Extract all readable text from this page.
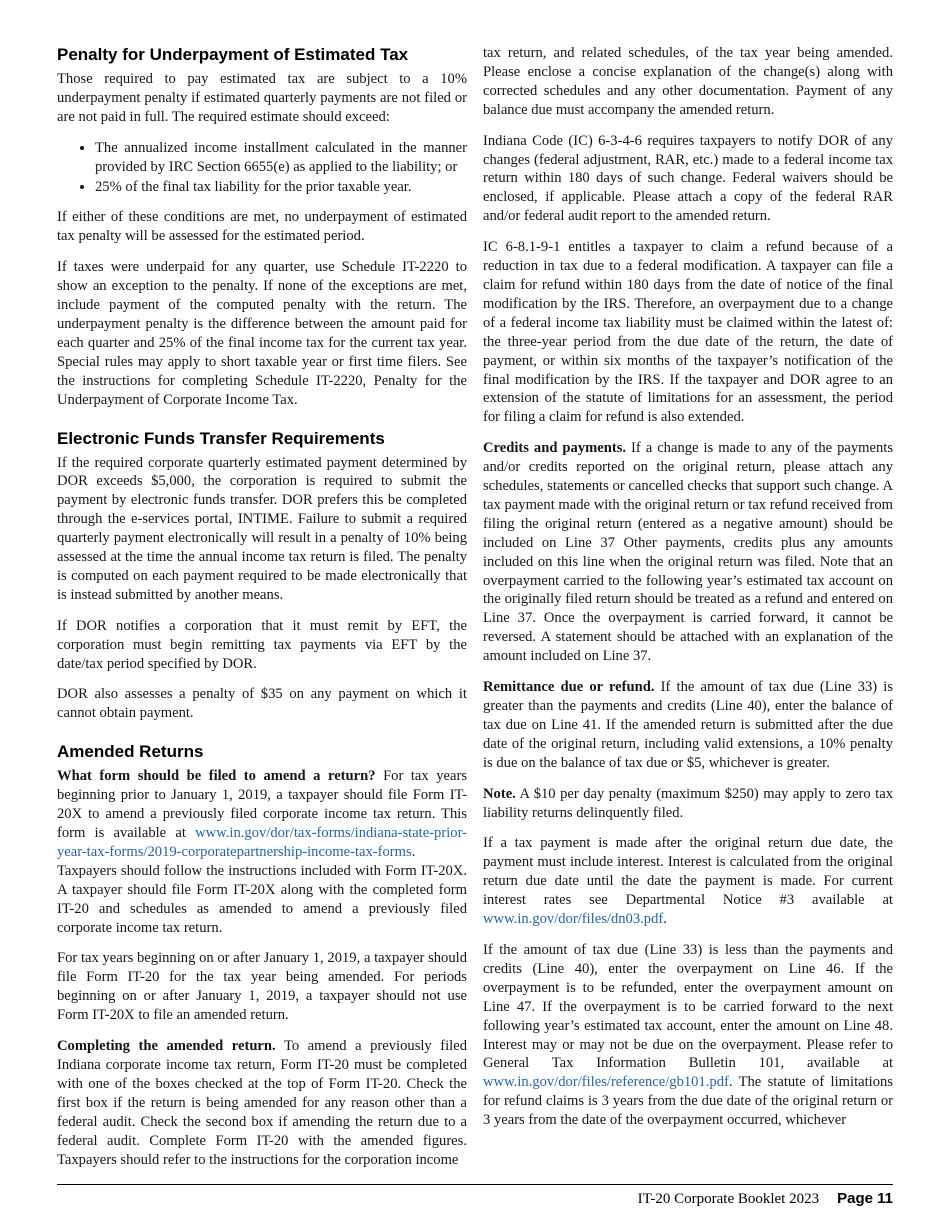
Penalty for Underpayment of Estimated Tax

Those required to pay estimated tax are subject to a 10% underpayment penalty if estimated quarterly payments are not filed or are not paid in full. The required estimate should exceed:

• The annualized income installment calculated in the manner provided by IRC Section 6655(e) as applied to the liability; or
• 25% of the final tax liability for the prior taxable year.

If either of these conditions are met, no underpayment of estimated tax penalty will be assessed for the estimated period.

If taxes were underpaid for any quarter, use Schedule IT-2220 to show an exception to the penalty. If none of the exceptions are met, include payment of the computed penalty with the return. The underpayment penalty is the difference between the amount paid for each quarter and 25% of the final income tax for the current tax year. Special rules may apply to short taxable year or first time filers. See the instructions for completing Schedule IT-2220, Penalty for the Underpayment of Corporate Income Tax.

Electronic Funds Transfer Requirements

If the required corporate quarterly estimated payment determined by DOR exceeds $5,000, the corporation is required to submit the payment by electronic funds transfer. DOR prefers this be completed through the e-services portal, INTIME. Failure to submit a required quarterly payment electronically will result in a penalty of 10% being assessed at the time the annual income tax return is filed. The penalty is computed on each payment required to be made electronically that is instead submitted by another means.

If DOR notifies a corporation that it must remit by EFT, the corporation must begin remitting tax payments via EFT by the date/tax period specified by DOR.

DOR also assesses a penalty of $35 on any payment on which it cannot obtain payment.

Amended Returns

What form should be filed to amend a return? For tax years beginning prior to January 1, 2019, a taxpayer should file Form IT-20X to amend a previously filed corporate income tax return. This form is available at www.in.gov/dor/tax-forms/indiana-state-prior-year-tax-forms/2019-corporatepartnership-income-tax-forms. Taxpayers should follow the instructions included with Form IT-20X. A taxpayer should file Form IT-20X along with the completed form IT-20 and schedules as amended to amend a previously filed corporate income tax return.

For tax years beginning on or after January 1, 2019, a taxpayer should file Form IT-20 for the tax year being amended. For periods beginning on or after January 1, 2019, a taxpayer should not use Form IT-20X to file an amended return.

Completing the amended return. To amend a previously filed Indiana corporate income tax return, Form IT-20 must be completed with one of the boxes checked at the top of Form IT-20. Check the first box if the return is being amended for any reason other than a federal audit. Check the second box if amending the return due to a federal audit. Complete Form IT-20 with the amended figures. Taxpayers should refer to the instructions for the corporation income

tax return, and related schedules, of the tax year being amended. Please enclose a concise explanation of the change(s) along with corrected schedules and any other documentation. Payment of any balance due must accompany the amended return.

Indiana Code (IC) 6-3-4-6 requires taxpayers to notify DOR of any changes (federal adjustment, RAR, etc.) made to a federal income tax return within 180 days of such change. Federal waivers should be enclosed, if applicable. Please attach a copy of the federal RAR and/or federal audit report to the amended return.

IC 6-8.1-9-1 entitles a taxpayer to claim a refund because of a reduction in tax due to a federal modification. A taxpayer can file a claim for refund within 180 days from the date of notice of the final modification by the IRS. Therefore, an overpayment due to a change of a federal income tax liability must be claimed within the latest of: the three-year period from the due date of the return, the date of payment, or within six months of the taxpayer’s notification of the final modification by the IRS. If the taxpayer and DOR agree to an extension of the statute of limitations for an assessment, the period for filing a claim for refund is also extended.

Credits and payments. If a change is made to any of the payments and/or credits reported on the original return, please attach any schedules, statements or cancelled checks that support such change. A tax payment made with the original return or tax refund received from filing the original return (entered as a negative amount) should be included on Line 37 Other payments, credits plus any amounts included on this line when the original return was filed. Note that an overpayment carried to the following year’s estimated tax account on the originally filed return should be treated as a refund and entered on Line 37. Once the overpayment is carried forward, it cannot be reversed. A statement should be attached with an explanation of the amount included on Line 37.

Remittance due or refund. If the amount of tax due (Line 33) is greater than the payments and credits (Line 40), enter the balance of tax due on Line 41. If the amended return is submitted after the due date of the original return, including valid extensions, a 10% penalty is due on the balance of tax due or $5, whichever is greater.

Note. A $10 per day penalty (maximum $250) may apply to zero tax liability returns delinquently filed.

If a tax payment is made after the original return due date, the payment must include interest. Interest is calculated from the original return due date until the date the payment is made. For current interest rates see Departmental Notice #3 available at www.in.gov/dor/files/dn03.pdf.

If the amount of tax due (Line 33) is less than the payments and credits (Line 40), enter the overpayment on Line 46. If the overpayment is to be refunded, enter the overpayment amount on Line 47. If the overpayment is to be carried forward to the next following year’s estimated tax account, enter the amount on Line 48. Interest may or may not be due on the overpayment. Please refer to General Tax Information Bulletin 101, available at www.in.gov/dor/files/reference/gb101.pdf. The statute of limitations for refund claims is 3 years from the due date of the original return or 3 years from the date of the overpayment occurred, whichever

IT-20 Corporate Booklet 2023 Page 11
